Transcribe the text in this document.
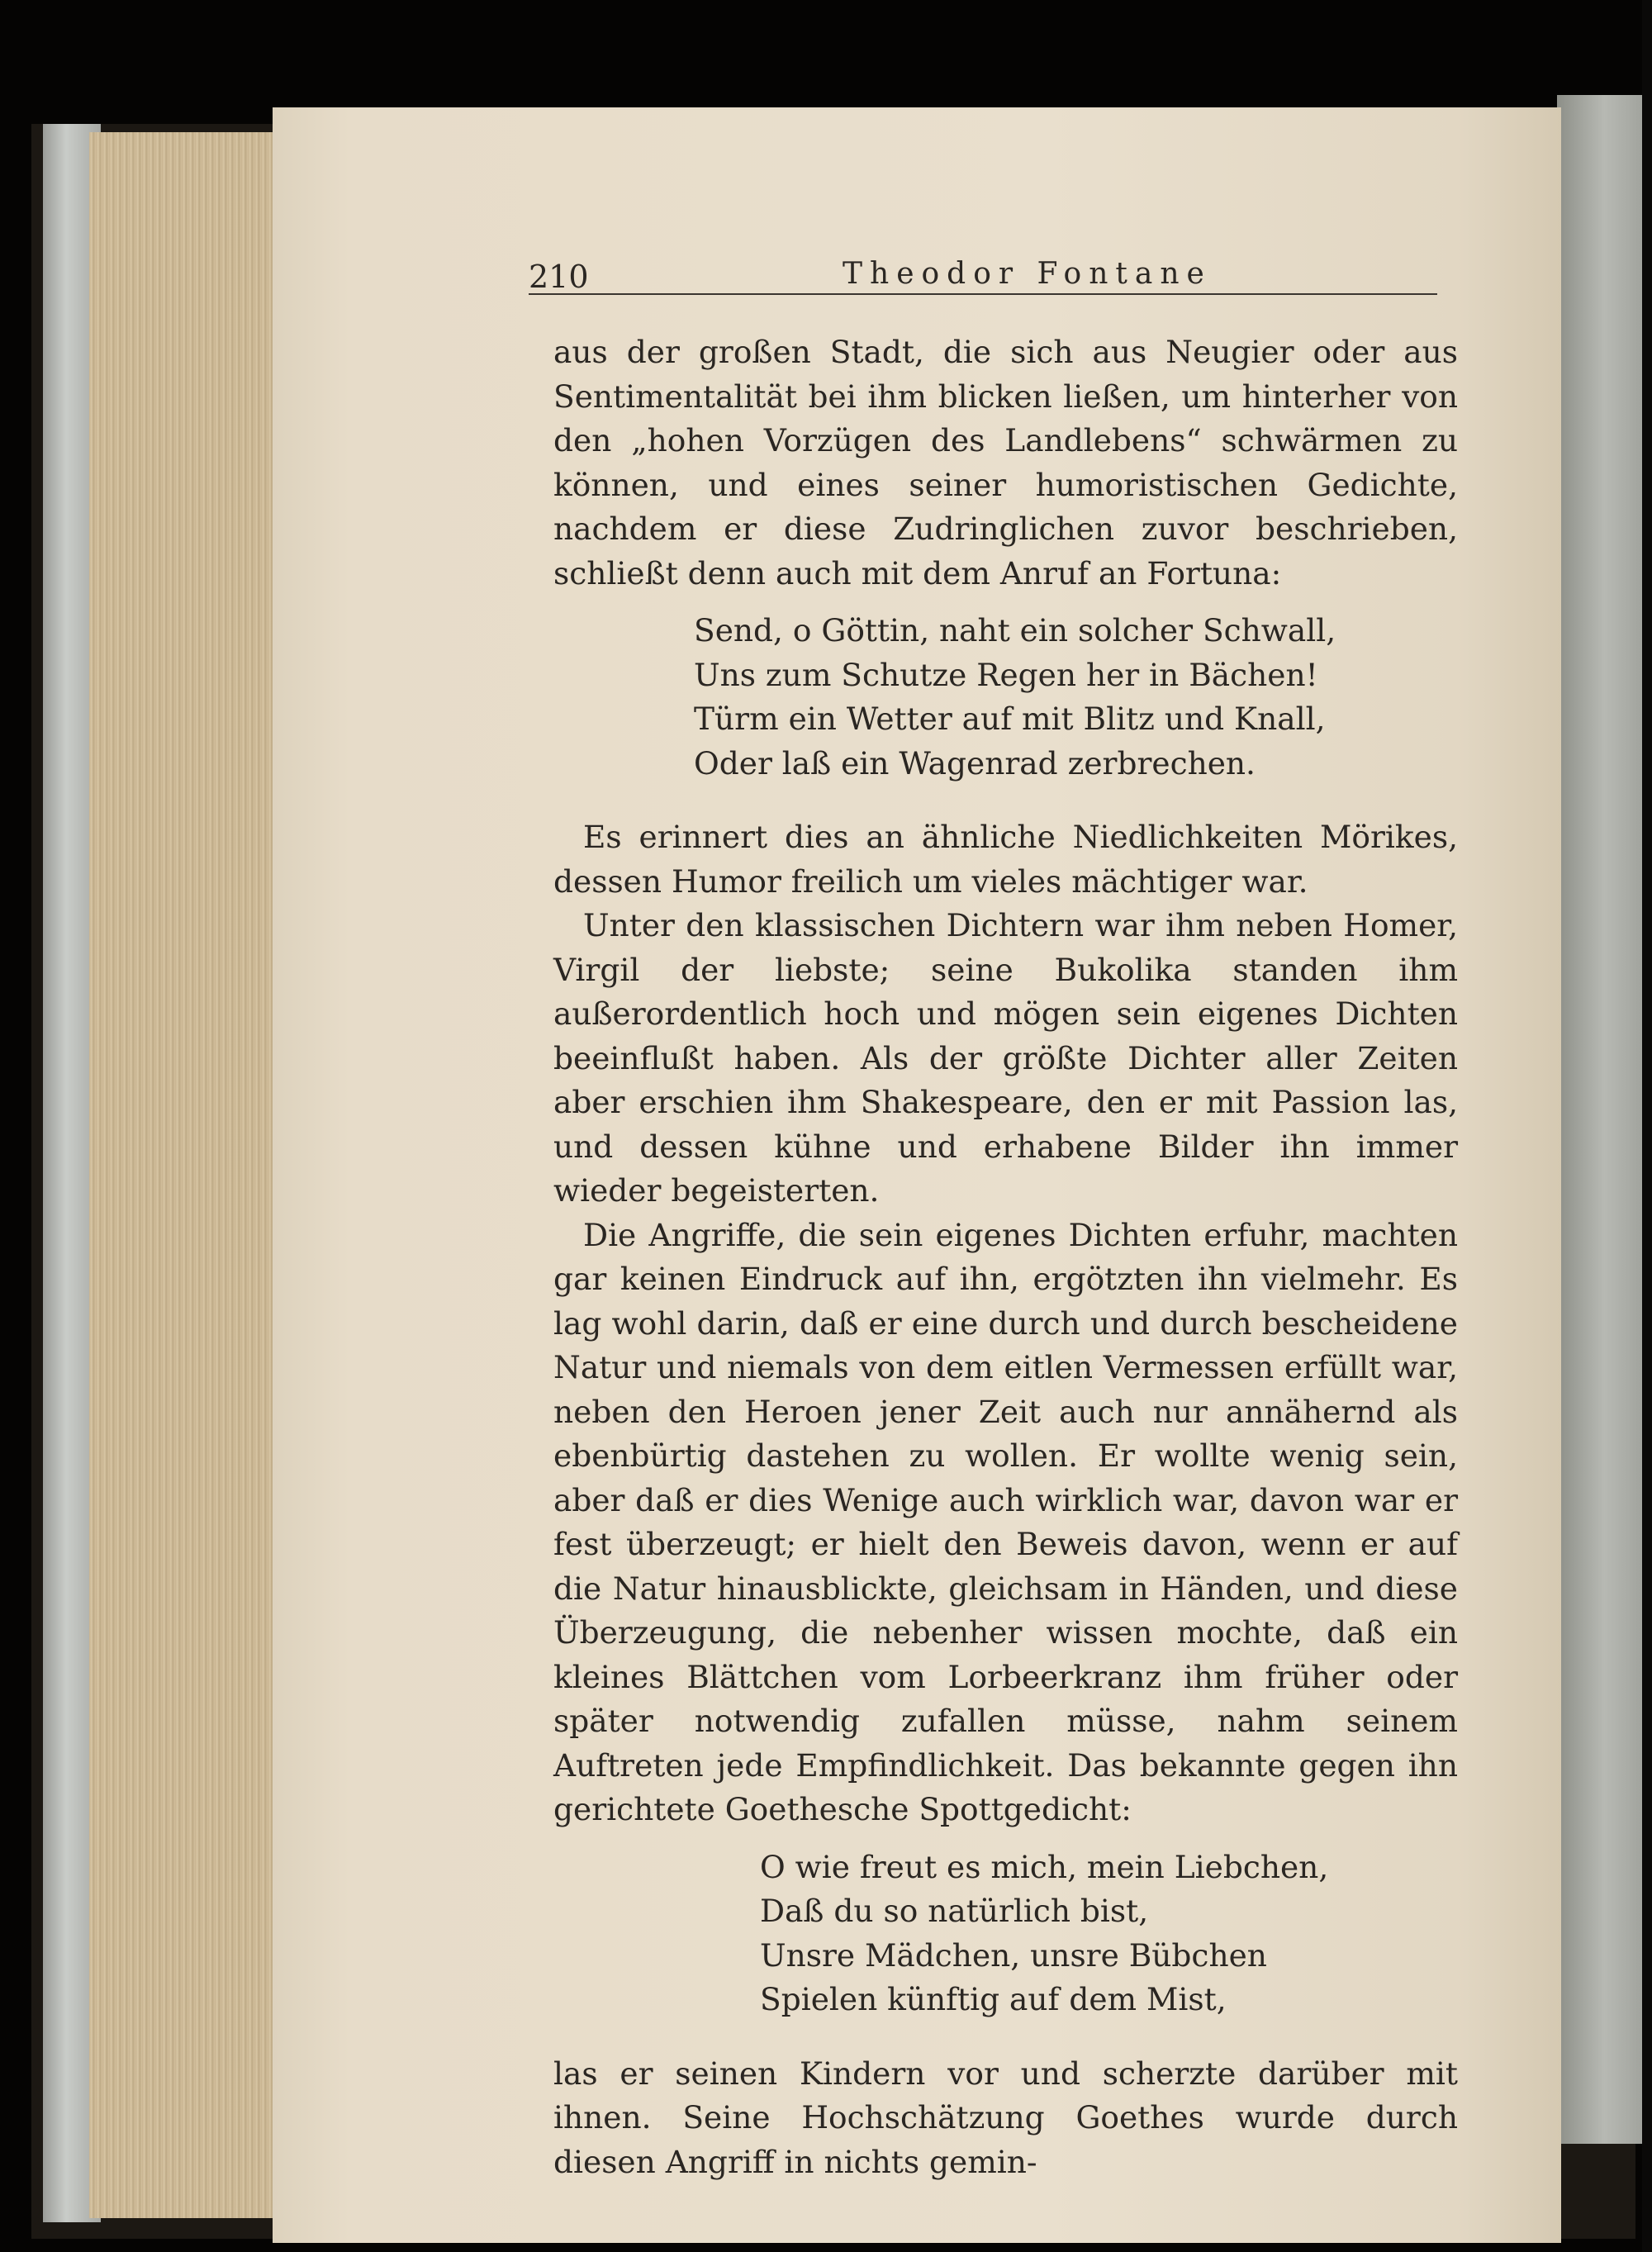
210	Theodor Fontane

aus der großen Stadt, die sich aus Neugier oder aus Sentimentalität bei ihm blicken ließen, um hinterher von den „hohen Vorzügen des Landlebens“ schwärmen zu können, und eines seiner humoristischen Gedichte, nachdem er diese Zudringlichen zuvor beschrieben, schließt denn auch mit dem Anruf an Fortuna:

Send, o Göttin, naht ein solcher Schwall,
Uns zum Schutze Regen her in Bächen!
Türm ein Wetter auf mit Blitz und Knall,
Oder laß ein Wagenrad zerbrechen.

Es erinnert dies an ähnliche Niedlichkeiten Mörikes, dessen Humor freilich um vieles mächtiger war.

Unter den klassischen Dichtern war ihm neben Homer, Virgil der liebste; seine Bukolika standen ihm außerordentlich hoch und mögen sein eigenes Dichten beeinflußt haben. Als der größte Dichter aller Zeiten aber erschien ihm Shakespeare, den er mit Passion las, und dessen kühne und erhabene Bilder ihn immer wieder begeisterten.

Die Angriffe, die sein eigenes Dichten erfuhr, machten gar keinen Eindruck auf ihn, ergötzten ihn vielmehr. Es lag wohl darin, daß er eine durch und durch bescheidene Natur und niemals von dem eitlen Vermessen erfüllt war, neben den Heroen jener Zeit auch nur annähernd als ebenbürtig dastehen zu wollen. Er wollte wenig sein, aber daß er dies Wenige auch wirklich war, davon war er fest überzeugt; er hielt den Beweis davon, wenn er auf die Natur hinausblickte, gleichsam in Händen, und diese Überzeugung, die nebenher wissen mochte, daß ein kleines Blättchen vom Lorbeerkranz ihm früher oder später notwendig zufallen müsse, nahm seinem Auftreten jede Empfindlichkeit. Das bekannte gegen ihn gerichtete Goethesche Spottgedicht:

O wie freut es mich, mein Liebchen,
Daß du so natürlich bist,
Unsre Mädchen, unsre Bübchen
Spielen künftig auf dem Mist,

las er seinen Kindern vor und scherzte darüber mit ihnen. Seine Hochschätzung Goethes wurde durch diesen Angriff in nichts gemin-
